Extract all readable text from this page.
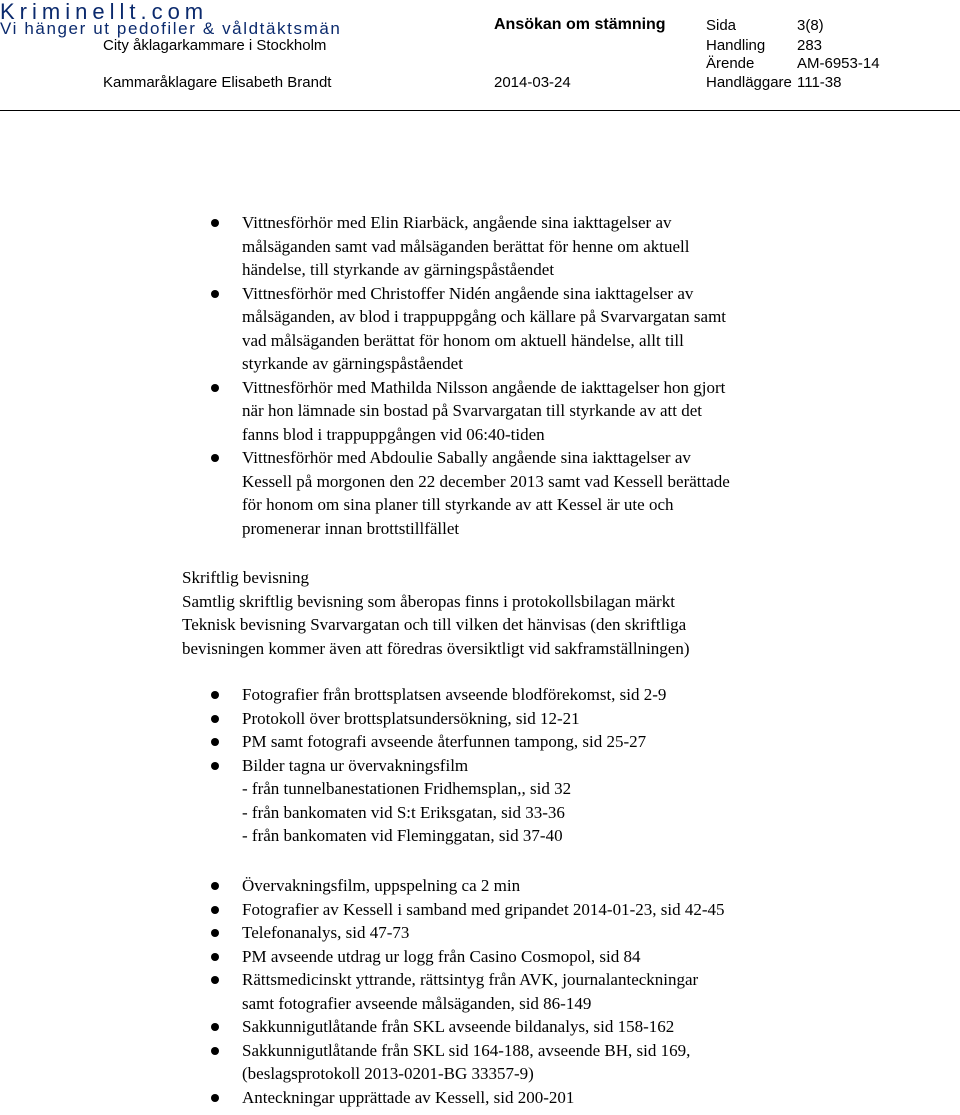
Kriminellt.com
Vi hänger ut pedofiler & våldtäktsmän
City åklagarkammare i Stockholm
Kammaråklagare Elisabeth Brandt
Ansökan om stämning
2014-03-24
Sida	3(8)
Handling 283
Ärende	AM-6953-14
Handläggare 111-38
Vittnesförhör med Elin Riarbäck, angående sina iakttagelser av
målsäganden samt vad målsäganden berättat för henne om aktuell
händelse, till styrkande av gärningspåståendet
Vittnesförhör med Christoffer Nidén angående sina iakttagelser av
målsäganden, av blod i trappuppgång och källare på Svarvargatan samt
vad målsäganden berättat för honom om aktuell händelse, allt till
styrkande av gärningspåståendet
Vittnesförhör med Mathilda Nilsson angående de iakttagelser hon gjort
när hon lämnade sin bostad på Svarvargatan till styrkande av att det
fanns blod i trappuppgången vid 06:40-tiden
Vittnesförhör med Abdoulie Sabally angående sina iakttagelser av
Kessell på morgonen den 22 december 2013 samt vad Kessell berättade
för honom om sina planer till styrkande av att Kessel är ute och
promenerar innan brottstillfället
Skriftlig bevisning
Samtlig skriftlig bevisning som åberopas finns i protokollsbilagan märkt
Teknisk bevisning Svarvargatan och till vilken det hänvisas (den skriftliga
bevisningen kommer även att föredras översiktligt vid sakframställningen)
Fotografier från brottsplatsen avseende blodförekomst, sid 2-9
Protokoll över brottsplatsundersökning, sid 12-21
PM samt fotografi avseende återfunnen tampong, sid 25-27
Bilder tagna ur övervakningsfilm
- från tunnelbanestationen Fridhemsplan,, sid 32
- från bankomaten vid S:t Eriksgatan, sid 33-36
- från bankomaten vid Fleminggatan, sid 37-40
Övervakningsfilm, uppspelning ca 2 min
Fotografier av Kessell i samband med gripandet 2014-01-23, sid 42-45
Telefonanalys, sid 47-73
PM avseende utdrag ur logg från Casino Cosmopol, sid 84
Rättsmedicinskt yttrande, rättsintyg från AVK, journalanteckningar
samt fotografier avseende målsäganden, sid 86-149
Sakkunnigutlåtande från SKL avseende bildanalys, sid 158-162
Sakkunnigutlåtande från SKL sid 164-188, avseende BH, sid 169,
(beslagsprotokoll 2013-0201-BG 33357-9)
Anteckningar upprättade av Kessell, sid 200-201
